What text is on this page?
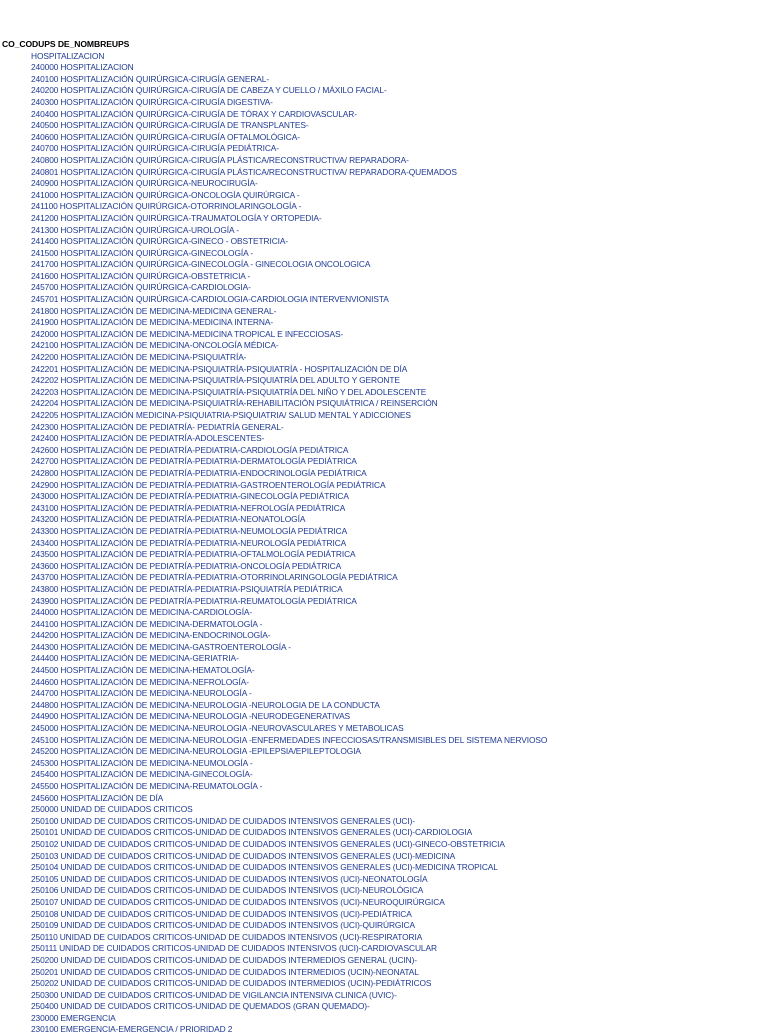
CO_CODUPS DE_NOMBREUPS
HOSPITALIZACION
240000 HOSPITALIZACION
240100 HOSPITALIZACIÓN QUIRÚRGICA-CIRUGÍA GENERAL-
240200 HOSPITALIZACIÓN QUIRÚRGICA-CIRUGÍA DE CABEZA Y CUELLO / MÁXILO FACIAL-
240300 HOSPITALIZACIÓN QUIRÚRGICA-CIRUGÍA DIGESTIVA-
240400 HOSPITALIZACIÓN QUIRÚRGICA-CIRUGÍA DE TÓRAX Y CARDIOVASCULAR-
240500 HOSPITALIZACIÓN QUIRÚRGICA-CIRUGÍA DE TRANSPLANTES-
240600 HOSPITALIZACIÓN QUIRÚRGICA-CIRUGÍA OFTALMOLÓGICA-
240700 HOSPITALIZACIÓN QUIRÚRGICA-CIRUGÍA PEDIÁTRICA-
240800 HOSPITALIZACIÓN QUIRÚRGICA-CIRUGÍA PLÁSTICA/RECONSTRUCTIVA/ REPARADORA-
240801 HOSPITALIZACIÓN QUIRÚRGICA-CIRUGÍA PLÁSTICA/RECONSTRUCTIVA/ REPARADORA-QUEMADOS
240900 HOSPITALIZACIÓN QUIRÚRGICA-NEUROCIRUGÍA-
241000 HOSPITALIZACIÓN QUIRÚRGICA-ONCOLOGÍA QUIRÚRGICA -
241100 HOSPITALIZACIÓN QUIRÚRGICA-OTORRINOLARINGOLOGÍA -
241200 HOSPITALIZACIÓN QUIRÚRGICA-TRAUMATOLOGÍA Y ORTOPEDIA-
241300 HOSPITALIZACIÓN QUIRÚRGICA-UROLOGÍA -
241400 HOSPITALIZACIÓN QUIRÚRGICA-GINECO - OBSTETRICIA-
241500 HOSPITALIZACIÓN QUIRÚRGICA-GINECOLOGÍA -
241700 HOSPITALIZACIÓN QUIRÚRGICA-GINECOLOGÍA - GINECOLOGIA ONCOLOGICA
241600 HOSPITALIZACIÓN QUIRÚRGICA-OBSTETRICIA -
245700 HOSPITALIZACIÓN QUIRÚRGICA-CARDIOLOGIA-
245701 HOSPITALIZACIÓN QUIRÚRGICA-CARDIOLOGIA-CARDIOLOGIA INTERVENVIONISTA
241800 HOSPITALIZACIÓN DE MEDICINA-MEDICINA GENERAL-
241900 HOSPITALIZACIÓN DE MEDICINA-MEDICINA INTERNA-
242000 HOSPITALIZACIÓN DE MEDICINA-MEDICINA TROPICAL E INFECCIOSAS-
242100 HOSPITALIZACIÓN DE MEDICINA-ONCOLOGÍA MÉDICA-
242200 HOSPITALIZACIÓN DE MEDICINA-PSIQUIATRÍA-
242201 HOSPITALIZACIÓN DE MEDICINA-PSIQUIATRÍA-PSIQUIATRÍA - HOSPITALIZACIÓN DE DÍA
242202 HOSPITALIZACIÓN DE MEDICINA-PSIQUIATRÍA-PSIQUIATRÍA DEL ADULTO Y GERONTE
242203 HOSPITALIZACIÓN DE MEDICINA-PSIQUIATRÍA-PSIQUIATRÍA DEL NIÑO Y DEL ADOLESCENTE
242204 HOSPITALIZACIÓN DE MEDICINA-PSIQUIATRÍA-REHABILITACIÓN PSIQUIÁTRICA / REINSERCIÓN
242205 HOSPITALIZACIÓN MEDICINA-PSIQUIATRIA-PSIQUIATRIA/ SALUD MENTAL Y ADICCIONES
242300 HOSPITALIZACIÓN DE PEDIATRÍA- PEDIATRÍA GENERAL-
242400 HOSPITALIZACIÓN DE PEDIATRÍA-ADOLESCENTES-
242600 HOSPITALIZACIÓN DE PEDIATRÍA-PEDIATRIA-CARDIOLOGÍA PEDIÁTRICA
242700 HOSPITALIZACIÓN DE PEDIATRÍA-PEDIATRIA-DERMATOLOGÍA PEDIÁTRICA
242800 HOSPITALIZACIÓN DE PEDIATRÍA-PEDIATRIA-ENDOCRINOLOGÍA PEDIÁTRICA
242900 HOSPITALIZACIÓN DE PEDIATRÍA-PEDIATRIA-GASTROENTEROLOGÍA PEDIÁTRICA
243000 HOSPITALIZACIÓN DE PEDIATRÍA-PEDIATRIA-GINECOLOGÍA PEDIÁTRICA
243100 HOSPITALIZACIÓN DE PEDIATRÍA-PEDIATRIA-NEFROLOGÍA PEDIÁTRICA
243200 HOSPITALIZACIÓN DE PEDIATRÍA-PEDIATRIA-NEONATOLOGÍA
243300 HOSPITALIZACIÓN DE PEDIATRÍA-PEDIATRIA-NEUMOLOGÍA PEDIÁTRICA
243400 HOSPITALIZACIÓN DE PEDIATRÍA-PEDIATRIA-NEUROLOGÍA PEDIÁTRICA
243500 HOSPITALIZACIÓN DE PEDIATRÍA-PEDIATRIA-OFTALMOLOGÍA PEDIÁTRICA
243600 HOSPITALIZACIÓN DE PEDIATRÍA-PEDIATRIA-ONCOLOGÍA PEDIÁTRICA
243700 HOSPITALIZACIÓN DE PEDIATRÍA-PEDIATRIA-OTORRINOLARINGOLOGÍA PEDIÁTRICA
243800 HOSPITALIZACIÓN DE PEDIATRÍA-PEDIATRIA-PSIQUIATRÍA PEDIÁTRICA
243900 HOSPITALIZACIÓN DE PEDIATRÍA-PEDIATRIA-REUMATOLOGÍA PEDIÁTRICA
244000 HOSPITALIZACIÓN DE MEDICINA-CARDIOLOGÍA-
244100 HOSPITALIZACIÓN DE MEDICINA-DERMATOLOGÍA -
244200 HOSPITALIZACIÓN DE MEDICINA-ENDOCRINOLOGÍA-
244300 HOSPITALIZACIÓN DE MEDICINA-GASTROENTEROLOGÍA -
244400 HOSPITALIZACIÓN DE MEDICINA-GERIATRIA-
244500 HOSPITALIZACIÓN DE MEDICINA-HEMATOLOGÍA-
244600 HOSPITALIZACIÓN DE MEDICINA-NEFROLOGÍA-
244700 HOSPITALIZACIÓN DE MEDICINA-NEUROLOGÍA -
244800 HOSPITALIZACIÓN DE MEDICINA-NEUROLOGIA -NEUROLOGIA DE LA CONDUCTA
244900 HOSPITALIZACIÓN DE MEDICINA-NEUROLOGIA -NEURODEGENERATIVAS
245000 HOSPITALIZACIÓN DE MEDICINA-NEUROLOGIA -NEUROVASCULARES Y METABOLICAS
245100 HOSPITALIZACIÓN DE MEDICINA-NEUROLOGIA -ENFERMEDADES INFECCIOSAS/TRANSMISIBLES DEL SISTEMA NERVIOSO
245200 HOSPITALIZACIÓN DE MEDICINA-NEUROLOGIA -EPILEPSIA/EPILEPTOLOGIA
245300 HOSPITALIZACIÓN DE MEDICINA-NEUMOLOGÍA -
245400 HOSPITALIZACIÓN DE MEDICINA-GINECOLOGÍA-
245500 HOSPITALIZACIÓN DE MEDICINA-REUMATOLOGÍA -
245600 HOSPITALIZACIÓN DE DÍA
250000 UNIDAD DE CUIDADOS CRITICOS
250100 UNIDAD DE CUIDADOS CRITICOS-UNIDAD DE CUIDADOS INTENSIVOS GENERALES (UCI)-
250101 UNIDAD DE CUIDADOS CRITICOS-UNIDAD DE CUIDADOS INTENSIVOS GENERALES (UCI)-CARDIOLOGIA
250102 UNIDAD DE CUIDADOS CRITICOS-UNIDAD DE CUIDADOS INTENSIVOS GENERALES (UCI)-GINECO-OBSTETRICIA
250103 UNIDAD DE CUIDADOS CRITICOS-UNIDAD DE CUIDADOS INTENSIVOS GENERALES (UCI)-MEDICINA
250104 UNIDAD DE CUIDADOS CRITICOS-UNIDAD DE CUIDADOS INTENSIVOS GENERALES (UCI)-MEDICINA TROPICAL
250105 UNIDAD DE CUIDADOS CRITICOS-UNIDAD DE CUIDADOS INTENSIVOS (UCI)-NEONATOLOGÍA
250106 UNIDAD DE CUIDADOS CRITICOS-UNIDAD DE CUIDADOS INTENSIVOS (UCI)-NEUROLÓGICA
250107 UNIDAD DE CUIDADOS CRITICOS-UNIDAD DE CUIDADOS INTENSIVOS (UCI)-NEUROQUIRÚRGICA
250108 UNIDAD DE CUIDADOS CRITICOS-UNIDAD DE CUIDADOS INTENSIVOS (UCI)-PEDIÁTRICA
250109 UNIDAD DE CUIDADOS CRITICOS-UNIDAD DE CUIDADOS INTENSIVOS (UCI)-QUIRÚRGICA
250110 UNIDAD DE CUIDADOS CRITICOS-UNIDAD DE CUIDADOS INTENSIVOS (UCI)-RESPIRATORIA
250111 UNIDAD DE CUIDADOS CRITICOS-UNIDAD DE CUIDADOS INTENSIVOS (UCI)-CARDIOVASCULAR
250200 UNIDAD DE CUIDADOS CRITICOS-UNIDAD DE CUIDADOS INTERMEDIOS GENERAL (UCIN)-
250201 UNIDAD DE CUIDADOS CRITICOS-UNIDAD DE CUIDADOS INTERMEDIOS (UCIN)-NEONATAL
250202 UNIDAD DE CUIDADOS CRITICOS-UNIDAD DE CUIDADOS INTERMEDIOS (UCIN)-PEDIÁTRICOS
250300 UNIDAD DE CUIDADOS CRITICOS-UNIDAD DE VIGILANCIA INTENSIVA CLINICA (UVIC)-
250400 UNIDAD DE CUIDADOS CRITICOS-UNIDAD DE QUEMADOS (GRAN QUEMADO)-
230000 EMERGENCIA
230100 EMERGENCIA-EMERGENCIA / PRIORIDAD 2
